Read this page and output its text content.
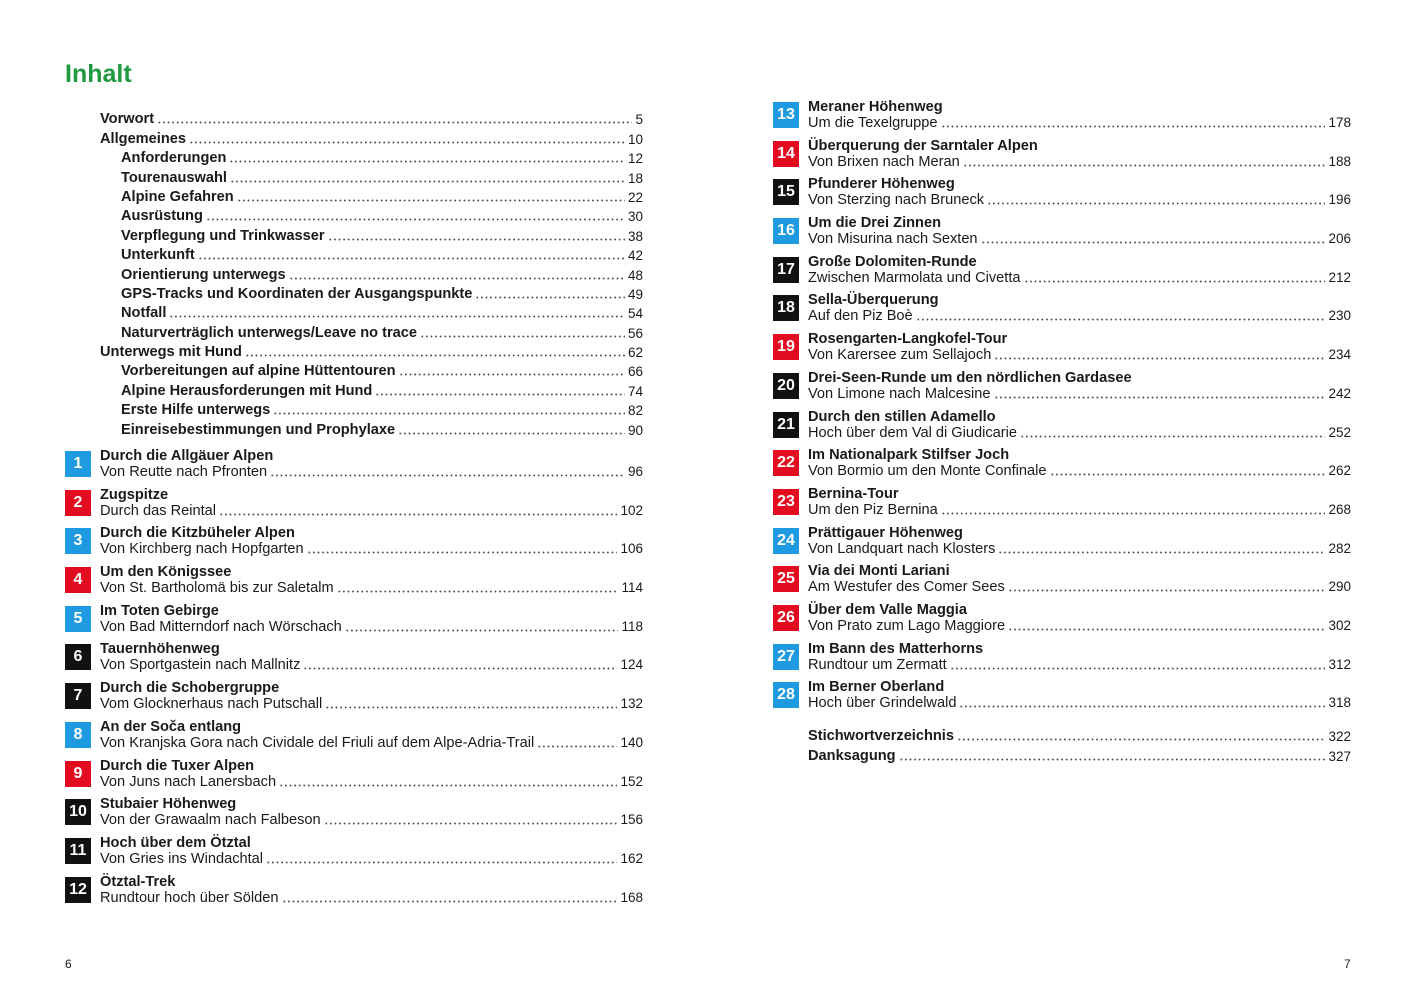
Inhalt
Vorwort	5
Allgemeines	10
Anforderungen	12
Tourenauswahl	18
Alpine Gefahren	22
Ausrüstung	30
Verpflegung und Trinkwasser	38
Unterkunft	42
Orientierung unterwegs	48
GPS-Tracks und Koordinaten der Ausgangspunkte	49
Notfall	54
Naturverträglich unterwegs/Leave no trace	56
Unterwegs mit Hund	62
Vorbereitungen auf alpine Hüttentouren	66
Alpine Herausforderungen mit Hund	74
Erste Hilfe unterwegs	82
Einreisebestimmungen und Prophylaxe	90
1	Durch die Allgäuer Alpen
Von Reutte nach Pfronten	96
2	Zugspitze
Durch das Reintal	102
3	Durch die Kitzbüheler Alpen
Von Kirchberg nach Hopfgarten	106
4	Um den Königssee
Von St. Bartholomä bis zur Saletalm	114
5	Im Toten Gebirge
Von Bad Mitterndorf nach Wörschach	118
6	Tauernhöhenweg
Von Sportgastein nach Mallnitz	124
7	Durch die Schobergruppe
Vom Glocknerhaus nach Putschall	132
8	An der Soča entlang
Von Kranjska Gora nach Cividale del Friuli auf dem Alpe-Adria-Trail	140
9	Durch die Tuxer Alpen
Von Juns nach Lanersbach	152
10 Stubaier Höhenweg
Von der Grawaalm nach Falbeson	156
11 Hoch über dem Ötztal
Von Gries ins Windachtal	162
12 Ötztal-Trek
Rundtour hoch über Sölden	168
13 Meraner Höhenweg
Um die Texelgruppe	178
14 Überquerung der Sarntaler Alpen
Von Brixen nach Meran	188
15 Pfunderer Höhenweg
Von Sterzing nach Bruneck	196
16 Um die Drei Zinnen
Von Misurina nach Sexten	206
17 Große Dolomiten-Runde
Zwischen Marmolata und Civetta	212
18 Sella-Überquerung
Auf den Piz Boè	230
19 Rosengarten-Langkofel-Tour
Von Karersee zum Sellajoch	234
20 Drei-Seen-Runde um den nördlichen Gardasee
Von Limone nach Malcesine	242
21 Durch den stillen Adamello
Hoch über dem Val di Giudicarie	252
22 Im Nationalpark Stilfser Joch
Von Bormio um den Monte Confinale	262
23 Bernina-Tour
Um den Piz Bernina	268
24 Prättigauer Höhenweg
Von Landquart nach Klosters	282
25 Via dei Monti Lariani
Am Westufer des Comer Sees	290
26 Über dem Valle Maggia
Von Prato zum Lago Maggiore	302
27 Im Bann des Matterhorns
Rundtour um Zermatt	312
28 Im Berner Oberland
Hoch über Grindelwald	318
Stichwortverzeichnis	322
Danksagung	327
6	7
